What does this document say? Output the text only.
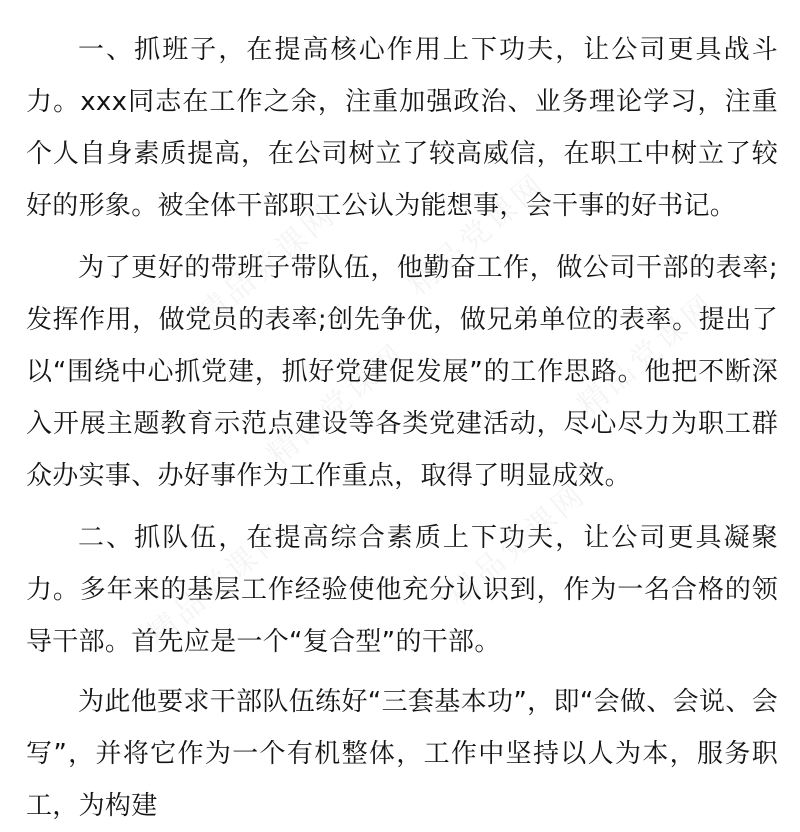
精品党课网 精品党课网
精品党课网
精品党课网	精品党课网
精品党课网

一、抓班子，在提高核心作用上下功夫，让公司更具战斗力。xxx同志在工作之余，注重加强政治、业务理论学习，注重个人自身素质提高，在公司树立了较高威信，在职工中树立了较好的形象。被全体干部职工公认为能想事，会干事的好书记。

为了更好的带班子带队伍，他勤奋工作，做公司干部的表率;发挥作用，做党员的表率;创先争优，做兄弟单位的表率。提出了以“围绕中心抓党建，抓好党建促发展”的工作思路。他把不断深入开展主题教育示范点建设等各类党建活动，尽心尽力为职工群众办实事、办好事作为工作重点，取得了明显成效。

二、抓队伍，在提高综合素质上下功夫，让公司更具凝聚力。多年来的基层工作经验使他充分认识到，作为一名合格的领导干部。首先应是一个“复合型”的干部。

为此他要求干部队伍练好“三套基本功”，即“会做、会说、会写”，并将它作为一个有机整体，工作中坚持以人为本，服务职工，为构建
